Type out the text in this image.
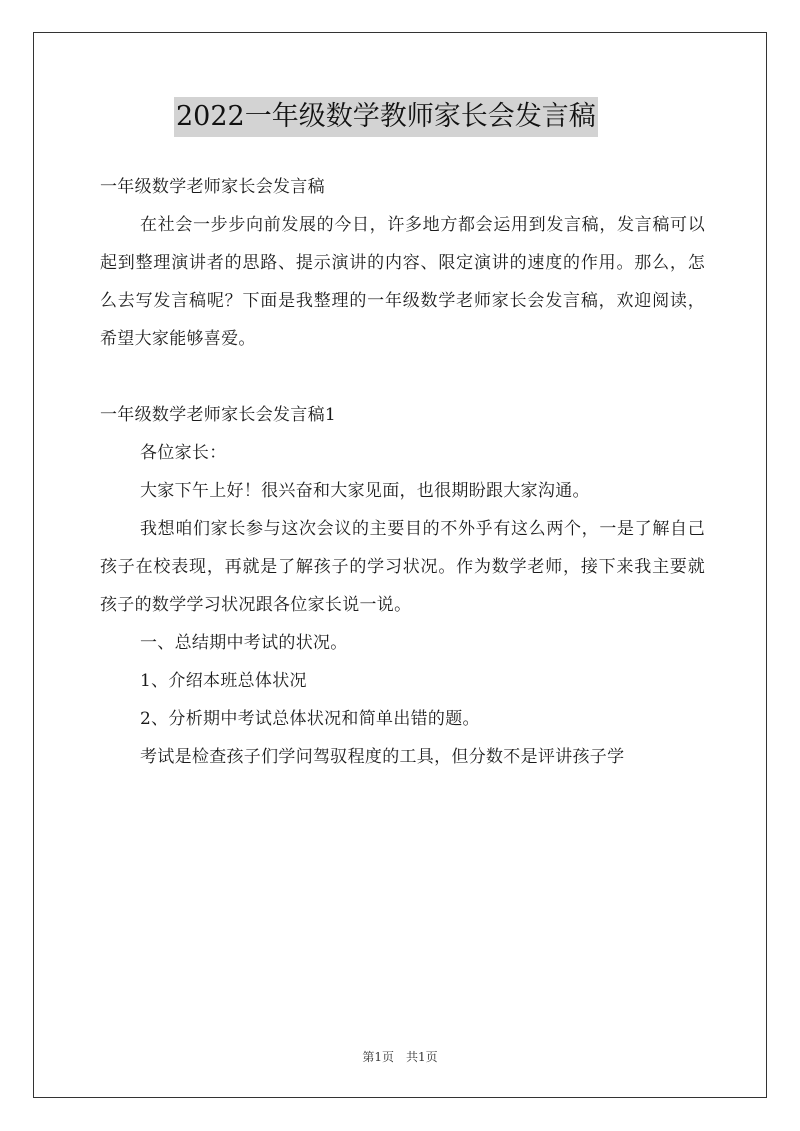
2022一年级数学教师家长会发言稿

一年级数学老师家长会发言稿

在社会一步步向前发展的今日，许多地方都会运用到发言稿，发言稿可以起到整理演讲者的思路、提示演讲的内容、限定演讲的速度的作用。那么，怎么去写发言稿呢？下面是我整理的一年级数学老师家长会发言稿，欢迎阅读，希望大家能够喜爱。

一年级数学老师家长会发言稿1

各位家长：

大家下午上好！很兴奋和大家见面，也很期盼跟大家沟通。

我想咱们家长参与这次会议的主要目的不外乎有这么两个，一是了解自己孩子在校表现，再就是了解孩子的学习状况。作为数学老师，接下来我主要就孩子的数学学习状况跟各位家长说一说。

一、总结期中考试的状况。

1、介绍本班总体状况

2、分析期中考试总体状况和简单出错的题。

考试是检查孩子们学问驾驭程度的工具，但分数不是评讲孩子学

第1页　共1页
